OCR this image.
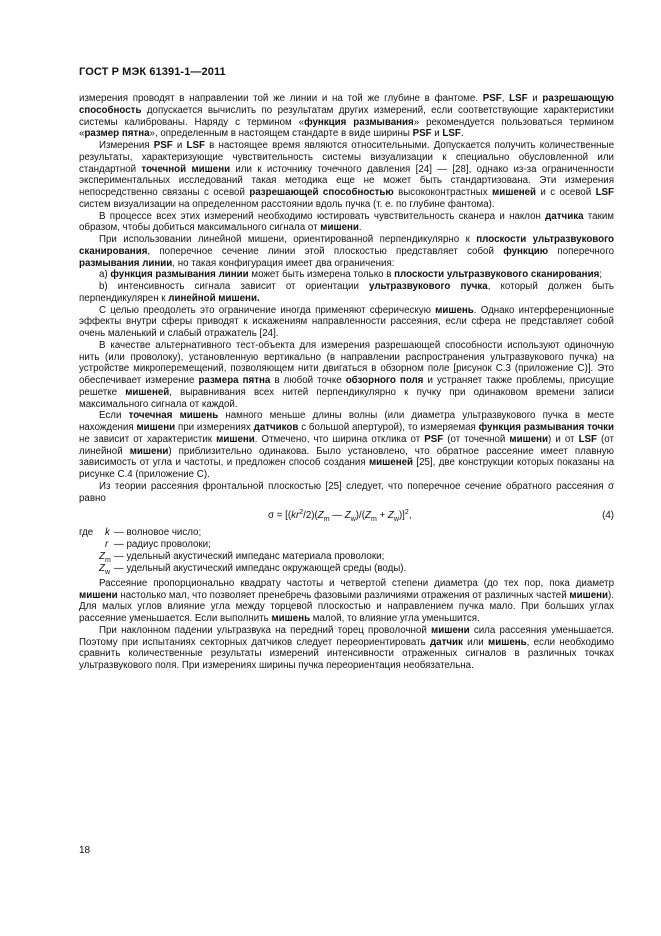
ГОСТ Р МЭК 61391-1—2011

измерения проводят в направлении той же линии и на той же глубине в фантоме. PSF, LSF и разрешающую способность допускается вычислить по результатам других измерений, если соответствующие характеристики системы калиброваны. Наряду с термином «функция размывания» рекомендуется пользоваться термином «размер пятна», определенным в настоящем стандарте в виде ширины PSF и LSF.

Измерения PSF и LSF в настоящее время являются относительными. Допускается получить количественные результаты, характеризующие чувствительность системы визуализации к специально обусловленной или стандартной точечной мишени или к источнику точечного давления [24] — [28], однако из-за ограниченности экспериментальных исследований такая методика еще не может быть стандартизована. Эти измерения непосредственно связаны с осевой разрешающей способностью высококонтрастных мишеней и с осевой LSF систем визуализации на определенном расстоянии вдоль пучка (т. е. по глубине фантома).

В процессе всех этих измерений необходимо юстировать чувствительность сканера и наклон датчика таким образом, чтобы добиться максимального сигнала от мишени.

При использовании линейной мишени, ориентированной перпендикулярно к плоскости ультразвукового сканирования, поперечное сечение линии этой плоскостью представляет собой функцию поперечного размывания линии, но такая конфигурация имеет два ограничения:

а) функция размывания линии может быть измерена только в плоскости ультразвукового сканирования;

b) интенсивность сигнала зависит от ориентации ультразвукового пучка, который должен быть перпендикулярен к линейной мишени.

С целью преодолеть это ограничение иногда применяют сферическую мишень. Однако интерференционные эффекты внутри сферы приводят к искажениям направленности рассеяния, если сфера не представляет собой очень маленький и слабый отражатель [24].

В качестве альтернативного тест-объекта для измерения разрешающей способности используют одиночную нить (или проволоку), установленную вертикально (в направлении распространения ультразвукового пучка) на устройстве микроперемещений, позволяющем нити двигаться в обзорном поле [рисунок С.3 (приложение С)]. Это обеспечивает измерение размера пятна в любой точке обзорного поля и устраняет также проблемы, присущие решетке мишеней, выравнивания всех нитей перпендикулярно к пучку при одинаковом времени записи максимального сигнала от каждой.

Если точечная мишень намного меньше длины волны (или диаметра ультразвукового пучка в месте нахождения мишени при измерениях датчиков с большой апертурой), то измеряемая функция размывания точки не зависит от характеристик мишени. Отмечено, что ширина отклика от PSF (от точечной мишени) и от LSF (от линейной мишени) приблизительно одинакова. Было установлено, что обратное рассеяние имеет плавную зависимость от угла и частоты, и предложен способ создания мишеней [25], две конструкции которых показаны на рисунке С.4 (приложение С).

Из теории рассеяния фронтальной плоскостью [25] следует, что поперечное сечение обратного рассеяния σ равно

$\sigma = [(kr^2/2)(Z_m$ — $Z_w)/(Z_m + Z_w)]^2$,	(4)
где k — волновое число;
r — радиус проволоки;
$Z_m$ — удельный акустический импеданс материала проволоки;
$Z_w$ — удельный акустический импеданс окружающей среды (воды).

Рассеяние пропорционально квадрату частоты и четвертой степени диаметра (до тех пор, пока диаметр мишени настолько мал, что позволяет пренебречь фазовыми различиями отражения от различных частей мишени). Для малых углов влияние угла между торцевой плоскостью и направлением пучка мало. При больших углах рассеяние уменьшается. Если выполнить мишень малой, то влияние угла уменьшится.

При наклонном падении ультразвука на передний торец проволочной мишени сила рассеяния уменьшается. Поэтому при испытаниях секторных датчиков следует переориентировать датчик или мишень, если необходимо сравнить количественные результаты измерений интенсивности отраженных сигналов в различных точках ультразвукового поля. При измерениях ширины пучка переориентация необязательна.

18
